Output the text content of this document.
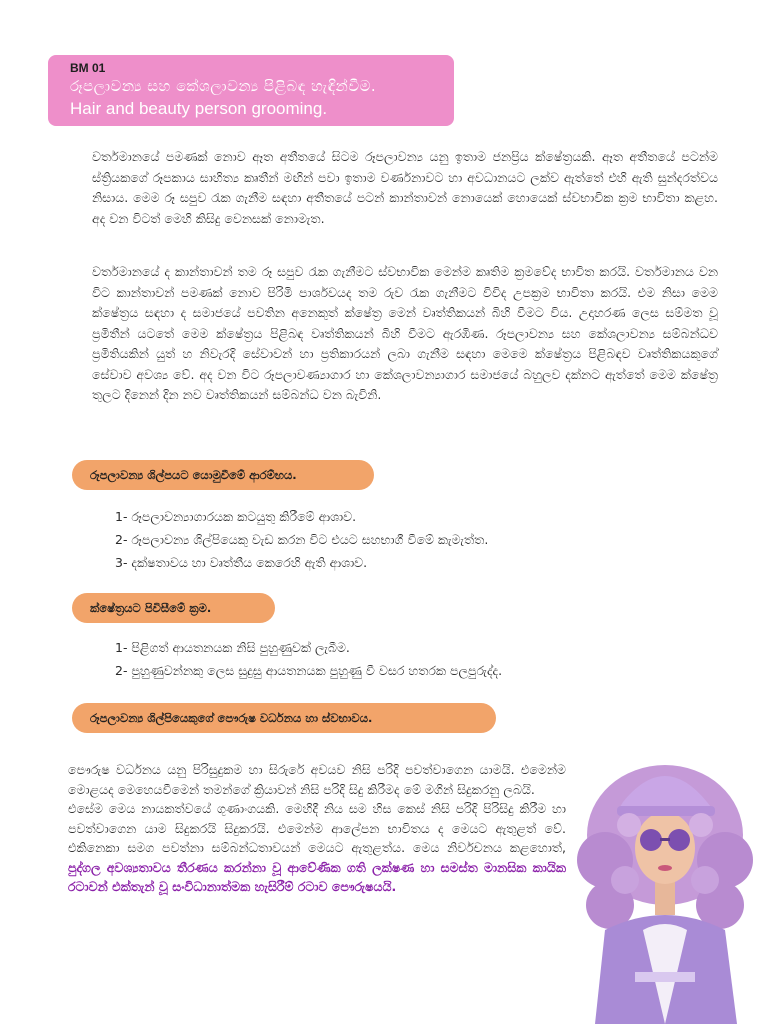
BM 01
රූපලාවන්‍ය සහ කේශලාවන්‍ය පිළිබඳ හැඳින්වීම.
Hair and beauty person grooming.

වර්තමානයේ පමණක් නොව ඈත අතීතයේ සිටම රූපලාවන්‍ය යනු ඉතාම ජනප්‍රිය ක්ෂේත්‍රයකි. ඈත අතීතයේ පටන්ම ස්ත්‍රියකගේ රූපකාය සාහිත්‍ය කෘතීන් මඟින් පවා ඉතාම වර්ණනාවට හා අවධානයට ලක්ව ඇත්තේ එහි ඇති සුන්දරත්වය නිසාය. මෙම රූ සපුව රැක ගැනීම සඳහා අතීතයේ පටන් කාන්තාවන් නොයෙක් හොයෙක් ස්වභාවික ක්‍රම භාවිතා කළහ. අද වන විටත් මෙහි කිසිදු වෙනසක් නොමැත.

වර්තමානයේ ද කාන්තාවන් තම රූ සපුව රැක ගැනීමට ස්වභාවික මෙන්ම කෘතිම ක්‍රමවේද භාවිත කරයි. වර්තමානය වන විට කාන්තාවන් පමණක් නොව පිරිමි පාර්ශවයද තම රුව රැක ගැනීමට විවිද උපක්‍රම භාවිතා කරයි. එම නිසා මෙම ක්ෂේත්‍රය සඳහා ද සමාජයේ පවතින අනෙකුත් ක්ෂේත්‍ර මෙන් වෘත්තිකයන් බිහි වීමට විය. උදාහරණ ලෙස සම්මත වූ ප්‍රමිතීන් යටතේ මෙම ක්ෂේත්‍රය පිළිබඳ වෘත්තිකයන් බිහි වීමට ඇරඹිණ. රූපලාවන්‍ය සහ කේශලාවන්‍ය සම්බන්ධව ප්‍රමිතියකින් යුත් හ නිවැරදි සේවාවන් හා ප්‍රතිකාරයන් ලබා ගැනීම සඳහා මෙමෙ ක්ෂේත්‍රය පිළිබඳව වෘත්තිකයකුගේ සේවාව අවශ්‍ය වේ. අද වන විට රූපලාවණ්‍යාගාර හා කේශලාවන්‍යාගාර සමාජයේ බහුලව දක්නට ඇත්තේ මෙම ක්ෂේත්‍ර තුලට දිනෙන් දින නව වෘත්තිකයන් සම්බන්ධ වන බැවිනි.

රූපලාවන්‍ය ශිල්පයට යොමුවීමේ ආරම්භය.
1- රූපලාවන්‍යාගාරයක කටයුතු කිරීමේ ආශාව.
2- රූපලාවන්‍ය ශිල්පියෙකු වැඩ කරන විට එයට සහභාගී වීමේ කැමැත්ත.
3- දක්ෂතාවය හා වෘත්තීය කෙරෙහි ඇති ආශාව.
ක්ෂේත්‍රයට පිවිසීමේ ක්‍රම.
1- පිළිගත් ආයතනයක නිසි පුහුණුවක් ලැබීම.
2- පුහුණුවන්නකු ලෙස සුදුසු ආයතනයක පුහුණු වී වසර හතරක පලපුරුද්ද.
රූපලාවන්‍ය ශිල්පියෙකුගේ පෞරුෂ වර්ධනය හා ස්වභාවය.
පෞරුෂ වර්ධනය යනු පිරිසුදුකම හා සිරුරේ අවයව නිසි පරිදි පවත්වාගෙන යාමයි. එමෙන්ම මොළයද මෙහෙයවීමෙන් තමන්ගේ ක්‍රියාවන් නිසි පරිදි සිදු කිරීමද මේ මගින් සිදුකරනු ලබයි.
එසේම මෙය නායකත්වයේ ගුණාංගයකි. මෙහිදී නිය සම හිස කෙස් නිසි පරිදි පිරිසිදු කිරීම හා පවත්වාගෙන යාම සිදුකරයි සිදුකරයි. එමෙන්ම ආලේපන භාවිතය ද මෙයට ඇතුළත් වේ. එකිනෙකා සමග පවත්නා සම්බන්ධතාවයන් මෙයට ඇතුළත්ය. මෙය නිර්වචනය කළහොත්, පුද්ගල අවශ්‍යතාවය තීරණය කරන්නා වූ ආවේණික ගති ලක්ෂණ හා සමස්ත මානසික කායික රටාවන් එක්තැන් වූ සංවිධානාත්මක හැසිරීම් රටාව පෞරුෂයයි.
